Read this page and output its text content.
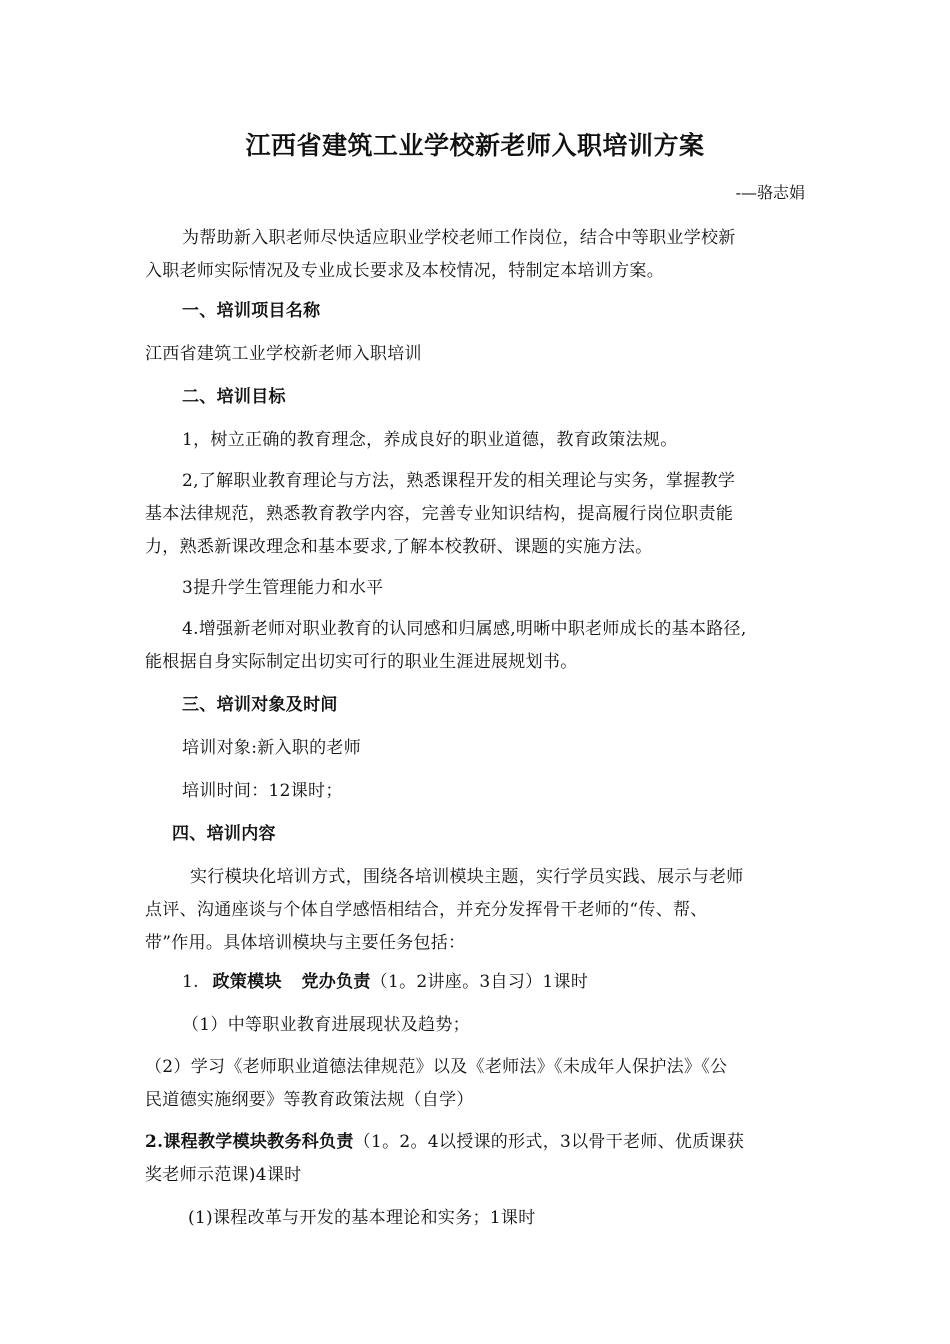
江西省建筑工业学校新老师入职培训方案
-—骆志娟
为帮助新入职老师尽快适应职业学校老师工作岗位，结合中等职业学校新
入职老师实际情况及专业成长要求及本校情况，特制定本培训方案。
一、培训项目名称
江西省建筑工业学校新老师入职培训
二、培训目标
1，树立正确的教育理念，养成良好的职业道德，教育政策法规。
2,了解职业教育理论与方法，熟悉课程开发的相关理论与实务，掌握教学
基本法律规范，熟悉教育教学内容，完善专业知识结构，提高履行岗位职责能
力，熟悉新课改理念和基本要求,了解本校教研、课题的实施方法。
3提升学生管理能力和水平
4.增强新老师对职业教育的认同感和归属感,明晰中职老师成长的基本路径,
能根据自身实际制定出切实可行的职业生涯进展规划书。
三、培训对象及时间
培训对象:新入职的老师
培训时间：12课时；
四、培训内容
实行模块化培训方式，围绕各培训模块主题，实行学员实践、展示与老师
点评、沟通座谈与个体自学感悟相结合，并充分发挥骨干老师的“传、帮、
带”作用。具体培训模块与主要任务包括：
1. 政策模块 党办负责（1。2讲座。3自习）1课时
（1）中等职业教育进展现状及趋势；
（2）学习《老师职业道德法律规范》以及《老师法》《未成年人保护法》《公
民道德实施纲要》等教育政策法规（自学）
2.课程教学模块教务科负责（1。2。4以授课的形式，3以骨干老师、优质课获
奖老师示范课)4课时
(1)课程改革与开发的基本理论和实务；1课时
